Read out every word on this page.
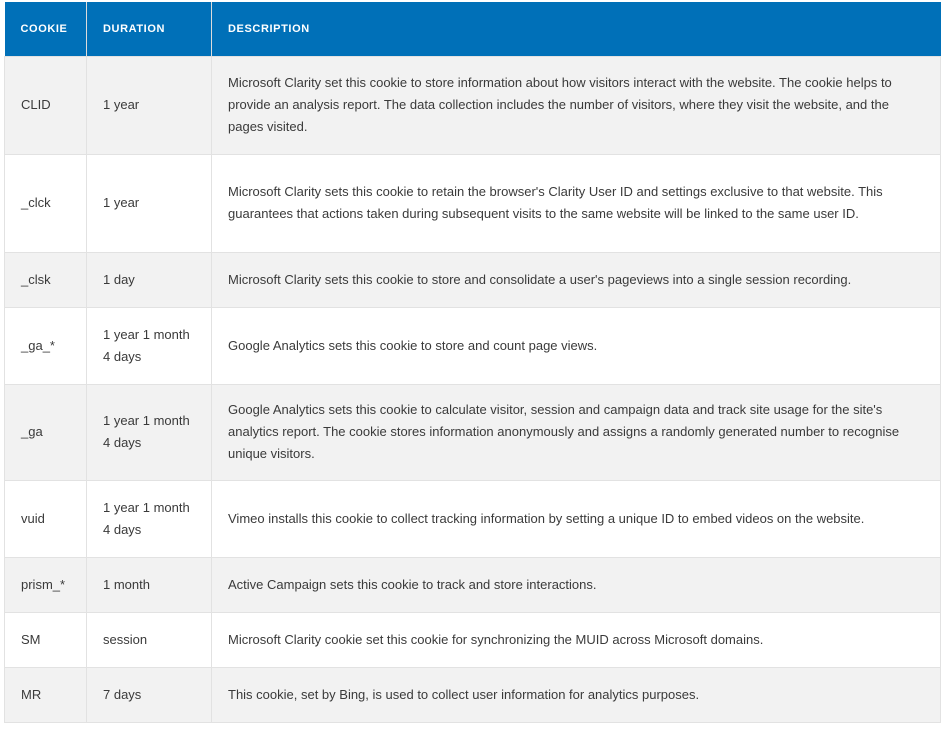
COOKIE	DURATION	DESCRIPTION
CLID	1 year	Microsoft Clarity set this cookie to store information about how visitors interact with the website. The cookie helps to provide an analysis report. The data collection includes the number of visitors, where they visit the website, and the pages visited.
_clck	1 year	Microsoft Clarity sets this cookie to retain the browser's Clarity User ID and settings exclusive to that website. This guarantees that actions taken during subsequent visits to the same website will be linked to the same user ID.
_clsk	1 day	Microsoft Clarity sets this cookie to store and consolidate a user's pageviews into a single session recording.
_ga_*	1 year 1 month 4 days	Google Analytics sets this cookie to store and count page views.
_ga	1 year 1 month 4 days	Google Analytics sets this cookie to calculate visitor, session and campaign data and track site usage for the site's analytics report. The cookie stores information anonymously and assigns a randomly generated number to recognise unique visitors.
vuid	1 year 1 month 4 days	Vimeo installs this cookie to collect tracking information by setting a unique ID to embed videos on the website.
prism_*	1 month	Active Campaign sets this cookie to track and store interactions.
SM	session	Microsoft Clarity cookie set this cookie for synchronizing the MUID across Microsoft domains.
MR	7 days	This cookie, set by Bing, is used to collect user information for analytics purposes.
